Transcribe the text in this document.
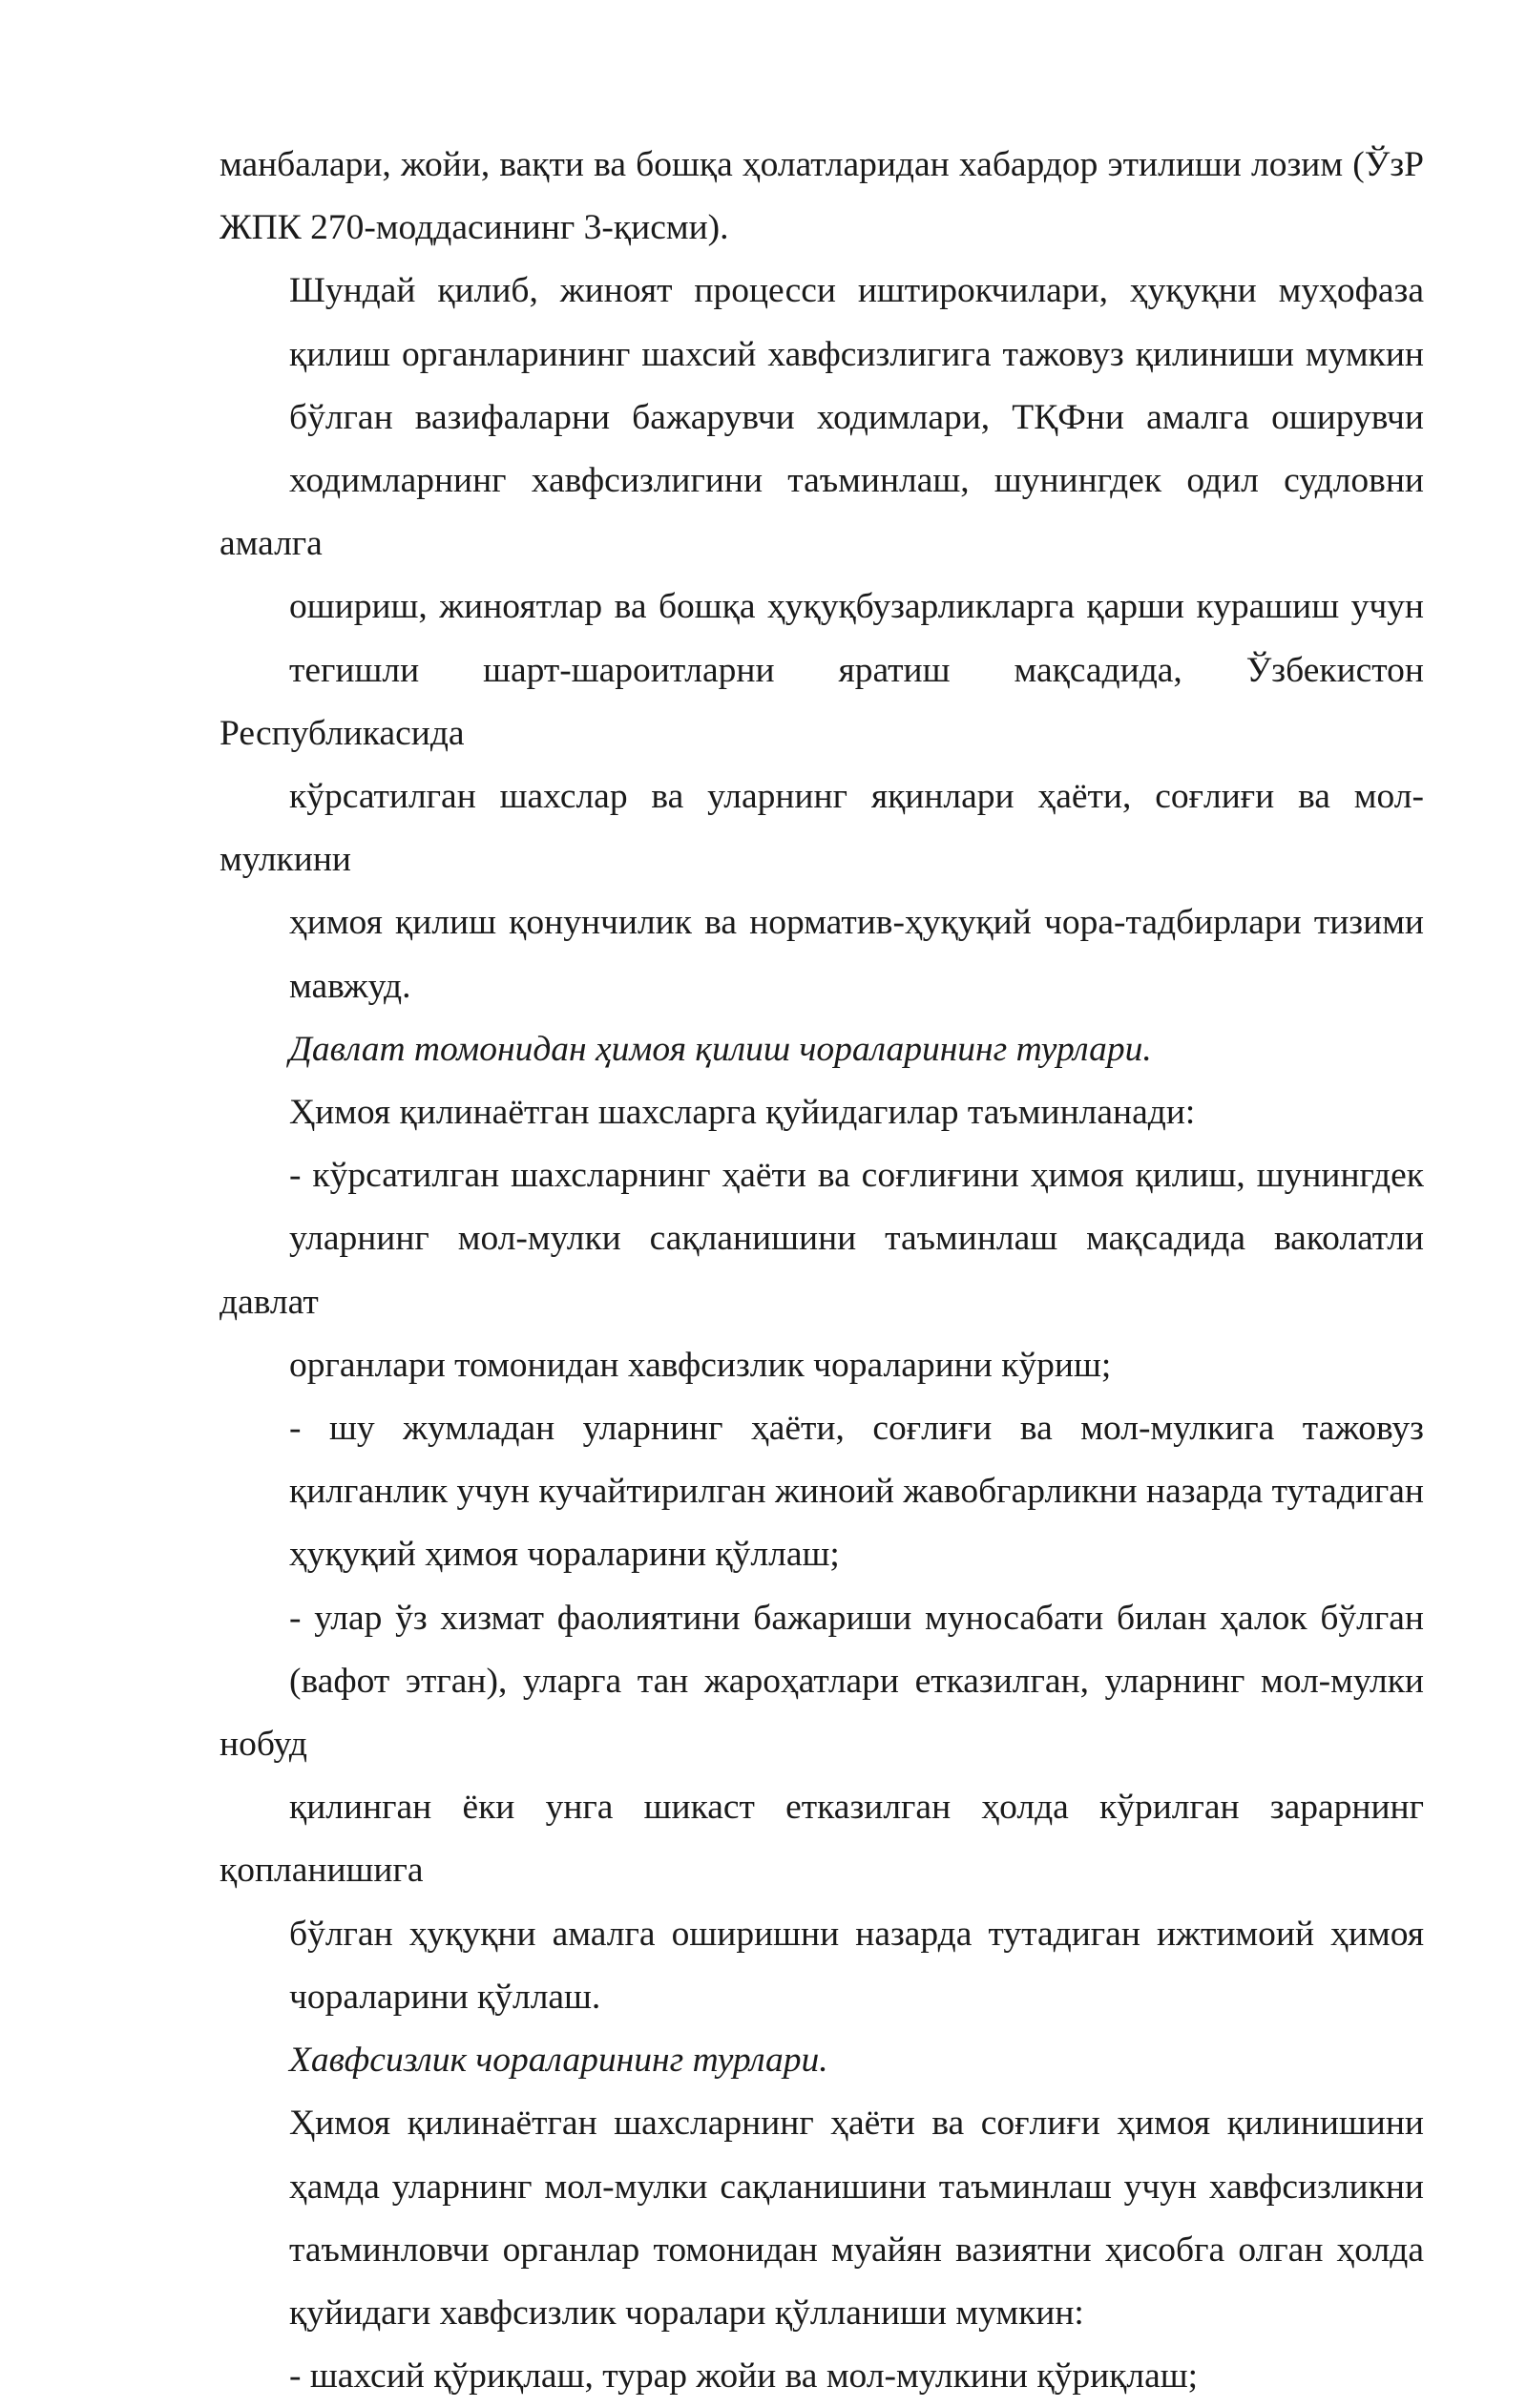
манбалари, жойи, вақти ва бошқа ҳолатларидан хабардор этилиши лозим (ЎзР
ЖПК 270-моддасининг 3-қисми).
Шундай қилиб, жиноят процесси иштирокчилари, ҳуқуқни муҳофаза
қилиш органларининг шахсий хавфсизлигига тажовуз қилиниши мумкин
бўлган вазифаларни бажарувчи ходимлари, ТҚФни амалга оширувчи
ходимларнинг хавфсизлигини таъминлаш, шунингдек одил судловни амалга
ошириш, жиноятлар ва бошқа ҳуқуқбузарликларга қарши курашиш учун
тегишли шарт-шароитларни яратиш мақсадида, Ўзбекистон Республикасида
кўрсатилган шахслар ва уларнинг яқинлари ҳаёти, соғлиғи ва мол-мулкини
ҳимоя қилиш қонунчилик ва норматив-ҳуқуқий чора-тадбирлари тизими
мавжуд.
Давлат томонидан ҳимоя қилиш чораларининг турлари.
Ҳимоя қилинаётган шахсларга қуйидагилар таъминланади:
- кўрсатилган шахсларнинг ҳаёти ва соғлиғини ҳимоя қилиш, шунингдек
уларнинг мол-мулки сақланишини таъминлаш мақсадида ваколатли давлат
органлари томонидан хавфсизлик чораларини кўриш;
- шу жумладан уларнинг ҳаёти, соғлиғи ва мол-мулкига тажовуз
қилганлик учун кучайтирилган жиноий жавобгарликни назарда тутадиган
ҳуқуқий ҳимоя чораларини қўллаш;
- улар ўз хизмат фаолиятини бажариши муносабати билан ҳалок бўлган
(вафот этган), уларга тан жароҳатлари етказилган, уларнинг мол-мулки нобуд
қилинган ёки унга шикаст етказилган ҳолда кўрилган зарарнинг қопланишига
бўлган ҳуқуқни амалга оширишни назарда тутадиган ижтимоий ҳимоя
чораларини қўллаш.
Хавфсизлик чораларининг турлари.
Ҳимоя қилинаётган шахсларнинг ҳаёти ва соғлиғи ҳимоя қилинишини
ҳамда уларнинг мол-мулки сақланишини таъминлаш учун хавфсизликни
таъминловчи органлар томонидан муайян вазиятни ҳисобга олган ҳолда
қуйидаги хавфсизлик чоралари қўлланиши мумкин:
- шахсий қўриқлаш, турар жойи ва мол-мулкини қўриқлаш;
